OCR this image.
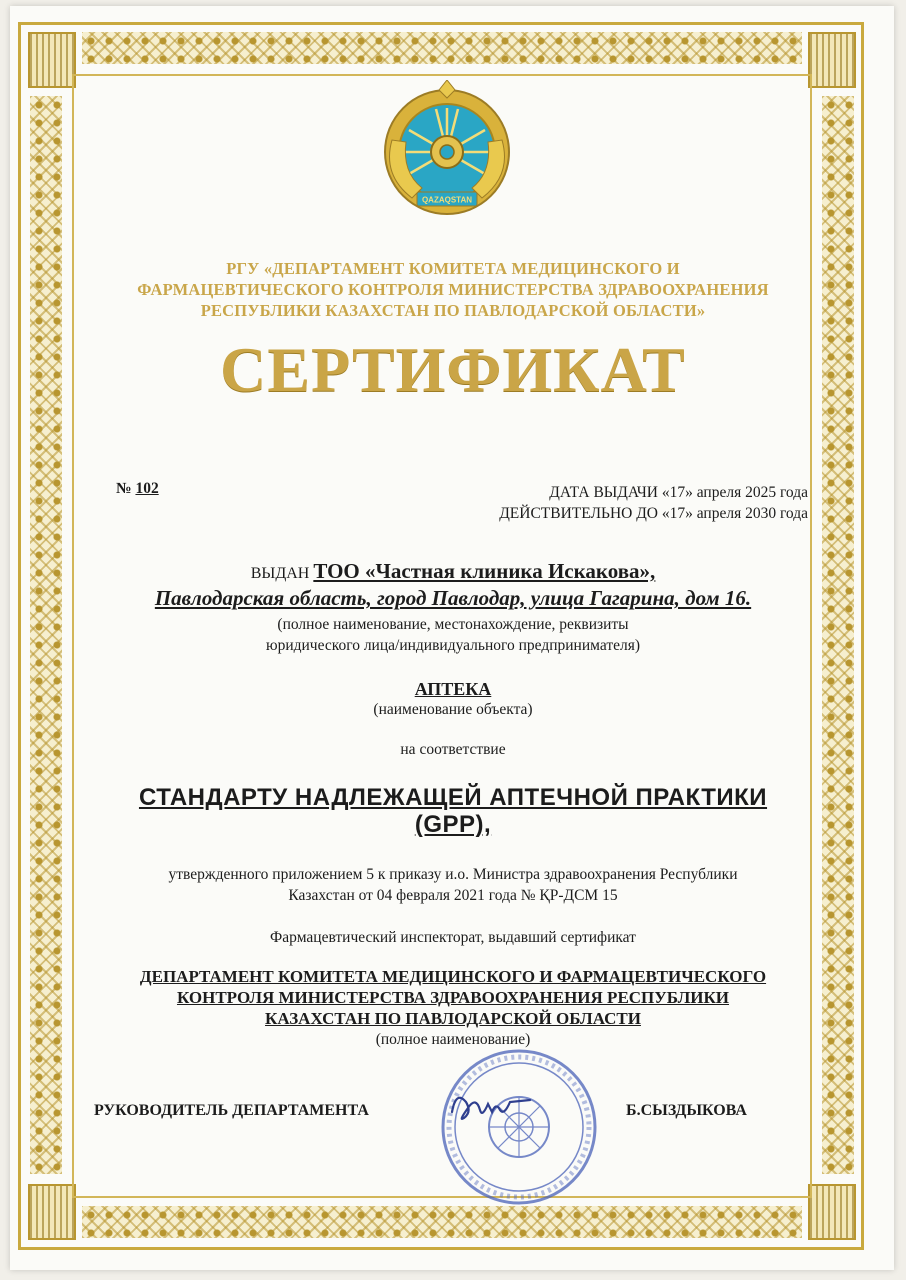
QAZAQSTAN
РГУ «ДЕПАРТАМЕНТ КОМИТЕТА МЕДИЦИНСКОГО И
ФАРМАЦЕВТИЧЕСКОГО КОНТРОЛЯ МИНИСТЕРСТВА ЗДРАВООХРАНЕНИЯ
РЕСПУБЛИКИ КАЗАХСТАН ПО ПАВЛОДАРСКОЙ ОБЛАСТИ»
СЕРТИФИКАТ
№ 102	ДАТА ВЫДАЧИ «17» апреля 2025 года
ДЕЙСТВИТЕЛЬНО ДО «17» апреля 2030 года
ВЫДАН ТОО «Частная клиника Искакова»,
Павлодарская область, город Павлодар, улица Гагарина, дом 16.
(полное наименование, местонахождение, реквизиты
юридического лица/индивидуального предпринимателя)
АПТЕКА
(наименование объекта)
на соответствие
СТАНДАРТУ НАДЛЕЖАЩЕЙ АПТЕЧНОЙ ПРАКТИКИ
(GPP),
утвержденного приложением 5 к приказу и.о. Министра здравоохранения Республики
Казахстан от 04 февраля 2021 года № ҚР-ДСМ 15
Фармацевтический инспекторат, выдавший сертификат
ДЕПАРТАМЕНТ КОМИТЕТА МЕДИЦИНСКОГО И ФАРМАЦЕВТИЧЕСКОГО
КОНТРОЛЯ МИНИСТЕРСТВА ЗДРАВООХРАНЕНИЯ РЕСПУБЛИКИ
КАЗАХСТАН ПО ПАВЛОДАРСКОЙ ОБЛАСТИ
(полное наименование)
РУКОВОДИТЕЛЬ ДЕПАРТАМЕНТА	Б.СЫЗДЫКОВА
